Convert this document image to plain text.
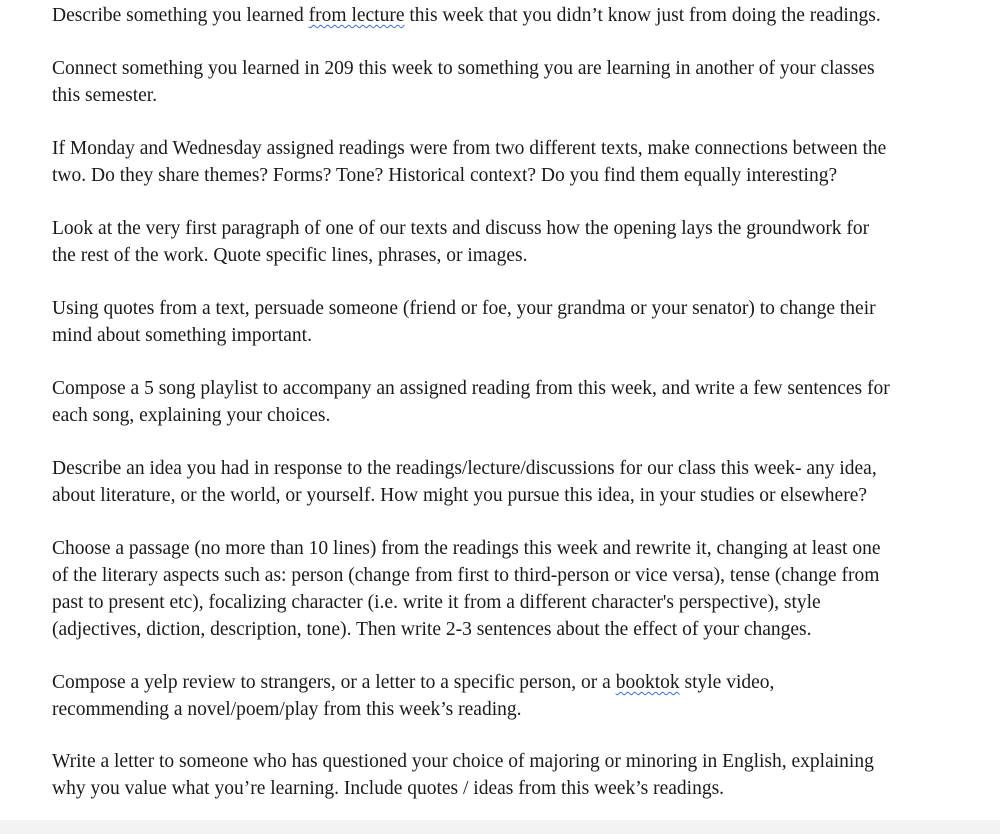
Describe something you learned from lecture this week that you didn’t know just from doing the readings.

Connect something you learned in 209 this week to something you are learning in another of your classes
this semester.

If Monday and Wednesday assigned readings were from two different texts, make connections between the
two. Do they share themes? Forms? Tone? Historical context? Do you find them equally interesting?

Look at the very first paragraph of one of our texts and discuss how the opening lays the groundwork for
the rest of the work. Quote specific lines, phrases, or images.

Using quotes from a text, persuade someone (friend or foe, your grandma or your senator) to change their
mind about something important.

Compose a 5 song playlist to accompany an assigned reading from this week, and write a few sentences for
each song, explaining your choices.

Describe an idea you had in response to the readings/lecture/discussions for our class this week- any idea,
about literature, or the world, or yourself. How might you pursue this idea, in your studies or elsewhere?

Choose a passage (no more than 10 lines) from the readings this week and rewrite it, changing at least one
of the literary aspects such as: person (change from first to third-person or vice versa), tense (change from
past to present etc), focalizing character (i.e. write it from a different character's perspective), style
(adjectives, diction, description, tone). Then write 2-3 sentences about the effect of your changes.

Compose a yelp review to strangers, or a letter to a specific person, or a booktok style video,
recommending a novel/poem/play from this week’s reading.

Write a letter to someone who has questioned your choice of majoring or minoring in English, explaining
why you value what you’re learning. Include quotes / ideas from this week’s readings.
